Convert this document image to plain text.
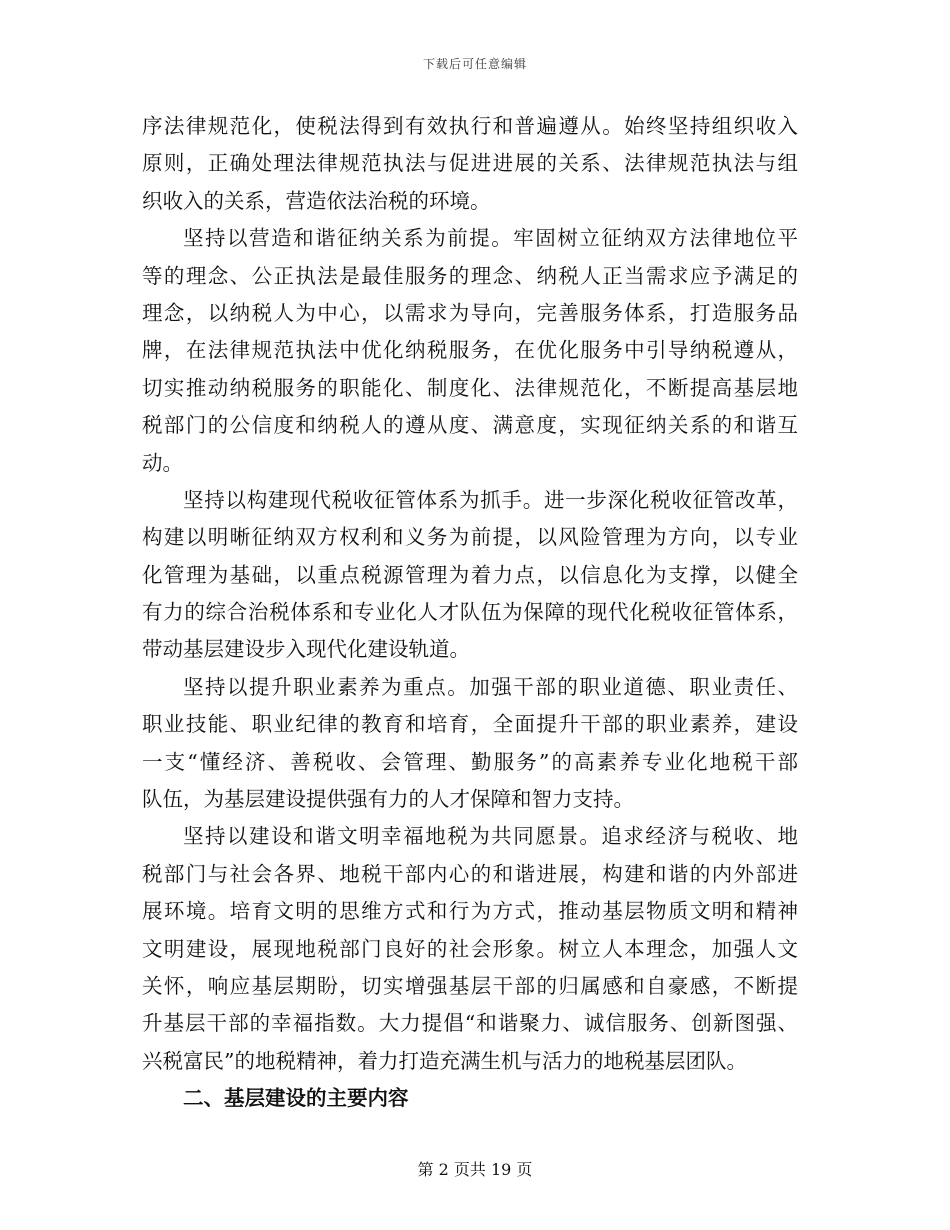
下载后可任意编辑
序法律规范化，使税法得到有效执行和普遍遵从。始终坚持组织收入
原则，正确处理法律规范执法与促进进展的关系、法律规范执法与组
织收入的关系，营造依法治税的环境。
坚持以营造和谐征纳关系为前提。牢固树立征纳双方法律地位平
等的理念、公正执法是最佳服务的理念、纳税人正当需求应予满足的
理念，以纳税人为中心，以需求为导向，完善服务体系，打造服务品
牌，在法律规范执法中优化纳税服务，在优化服务中引导纳税遵从，
切实推动纳税服务的职能化、制度化、法律规范化，不断提高基层地
税部门的公信度和纳税人的遵从度、满意度，实现征纳关系的和谐互
动。
坚持以构建现代税收征管体系为抓手。进一步深化税收征管改革，
构建以明晰征纳双方权利和义务为前提，以风险管理为方向，以专业
化管理为基础，以重点税源管理为着力点，以信息化为支撑，以健全
有力的综合治税体系和专业化人才队伍为保障的现代化税收征管体系，
带动基层建设步入现代化建设轨道。
坚持以提升职业素养为重点。加强干部的职业道德、职业责任、
职业技能、职业纪律的教育和培育，全面提升干部的职业素养，建设
一支“懂经济、善税收、会管理、勤服务”的高素养专业化地税干部
队伍，为基层建设提供强有力的人才保障和智力支持。
坚持以建设和谐文明幸福地税为共同愿景。追求经济与税收、地
税部门与社会各界、地税干部内心的和谐进展，构建和谐的内外部进
展环境。培育文明的思维方式和行为方式，推动基层物质文明和精神
文明建设，展现地税部门良好的社会形象。树立人本理念，加强人文
关怀，响应基层期盼，切实增强基层干部的归属感和自豪感，不断提
升基层干部的幸福指数。大力提倡“和谐聚力、诚信服务、创新图强、
兴税富民”的地税精神，着力打造充满生机与活力的地税基层团队。
二、基层建设的主要内容
第 2 页共 19 页
